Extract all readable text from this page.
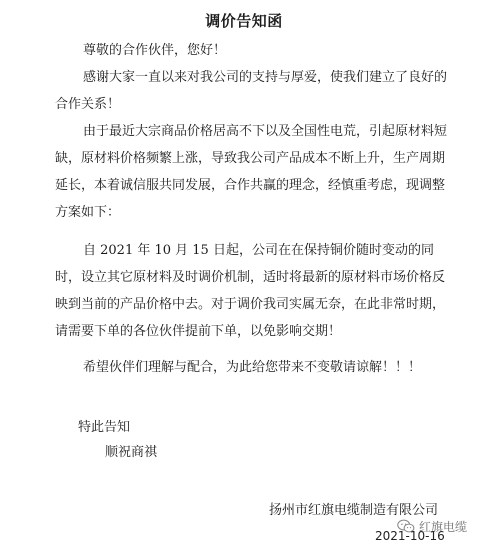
调价告知函
尊敬的合作伙伴，您好！
感谢大家一直以来对我公司的支持与厚爱，使我们建立了良好的合作关系！
由于最近大宗商品价格居高不下以及全国性电荒，引起原材料短缺，原材料价格频繁上涨，导致我公司产品成本不断上升，生产周期延长，本着诚信服共同发展，合作共赢的理念，经慎重考虑，现调整方案如下：
自 2021 年 10 月 15 日起，公司在在保持铜价随时变动的同时，设立其它原材料及时调价机制，适时将最新的原材料市场价格反映到当前的产品价格中去。对于调价我司实属无奈，在此非常时期，请需要下单的各位伙伴提前下单，以免影响交期！
希望伙伴们理解与配合，为此给您带来不变敬请谅解！！！
特此告知
顺祝商祺
扬州市红旗电缆制造有限公司
红旗电缆
2021-10-16
